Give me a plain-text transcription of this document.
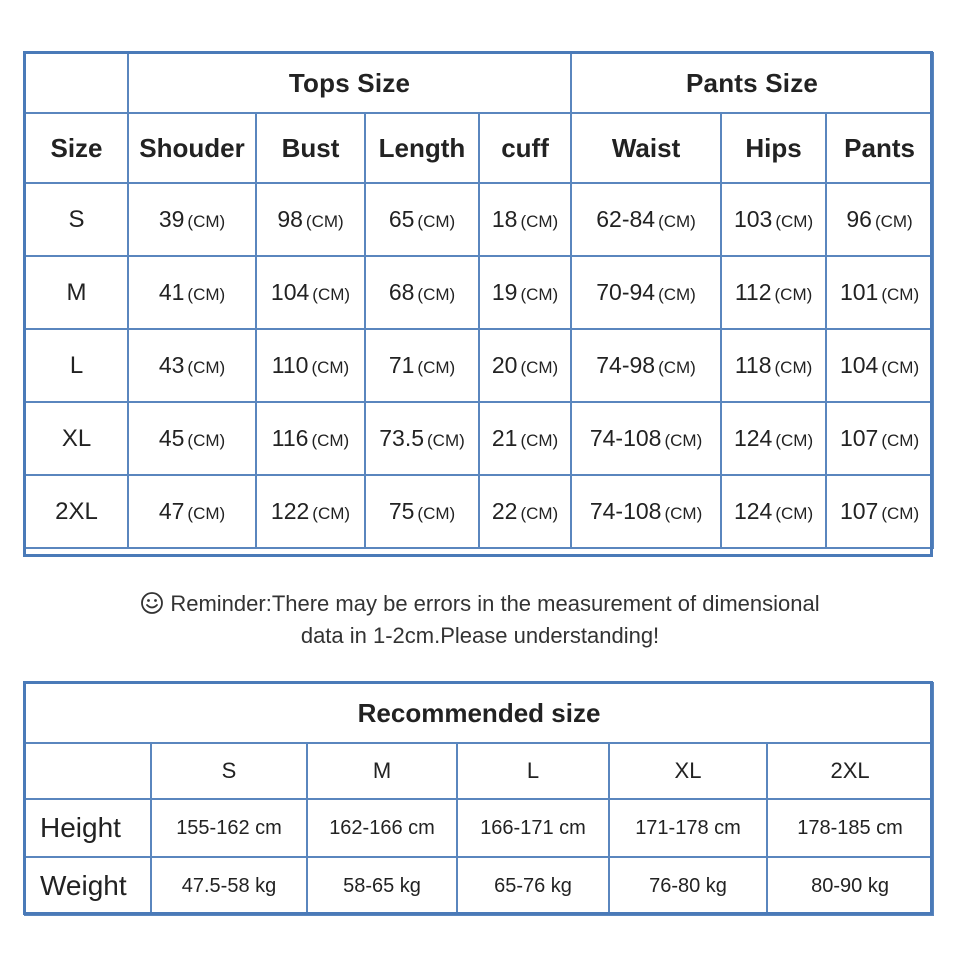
	Tops Size				Pants Size		
Size	Shouder	Bust	Length	cuff	Waist	Hips	Pants
S	39 (CM)	98 (CM)	65 (CM)	18 (CM)	62-84 (CM)	103 (CM)	96 (CM)
M	41 (CM)	104 (CM)	68 (CM)	19 (CM)	70-94 (CM)	112 (CM)	101 (CM)
L	43 (CM)	110 (CM)	71 (CM)	20 (CM)	74-98 (CM)	118 (CM)	104 (CM)
XL	45 (CM)	116 (CM)	73.5 (CM)	21 (CM)	74-108 (CM)	124 (CM)	107 (CM)
2XL	47 (CM)	122 (CM)	75 (CM)	22 (CM)	74-108 (CM)	124 (CM)	107 (CM)
Reminder:There may be errors in the measurement of dimensional
data in 1-2cm.Please understanding!
Recommended size					
	S	M	L	XL	2XL
Height	155-162 cm	162-166 cm	166-171 cm	171-178 cm	178-185 cm
Weight	47.5-58 kg	58-65 kg	65-76 kg	76-80 kg	80-90 kg
